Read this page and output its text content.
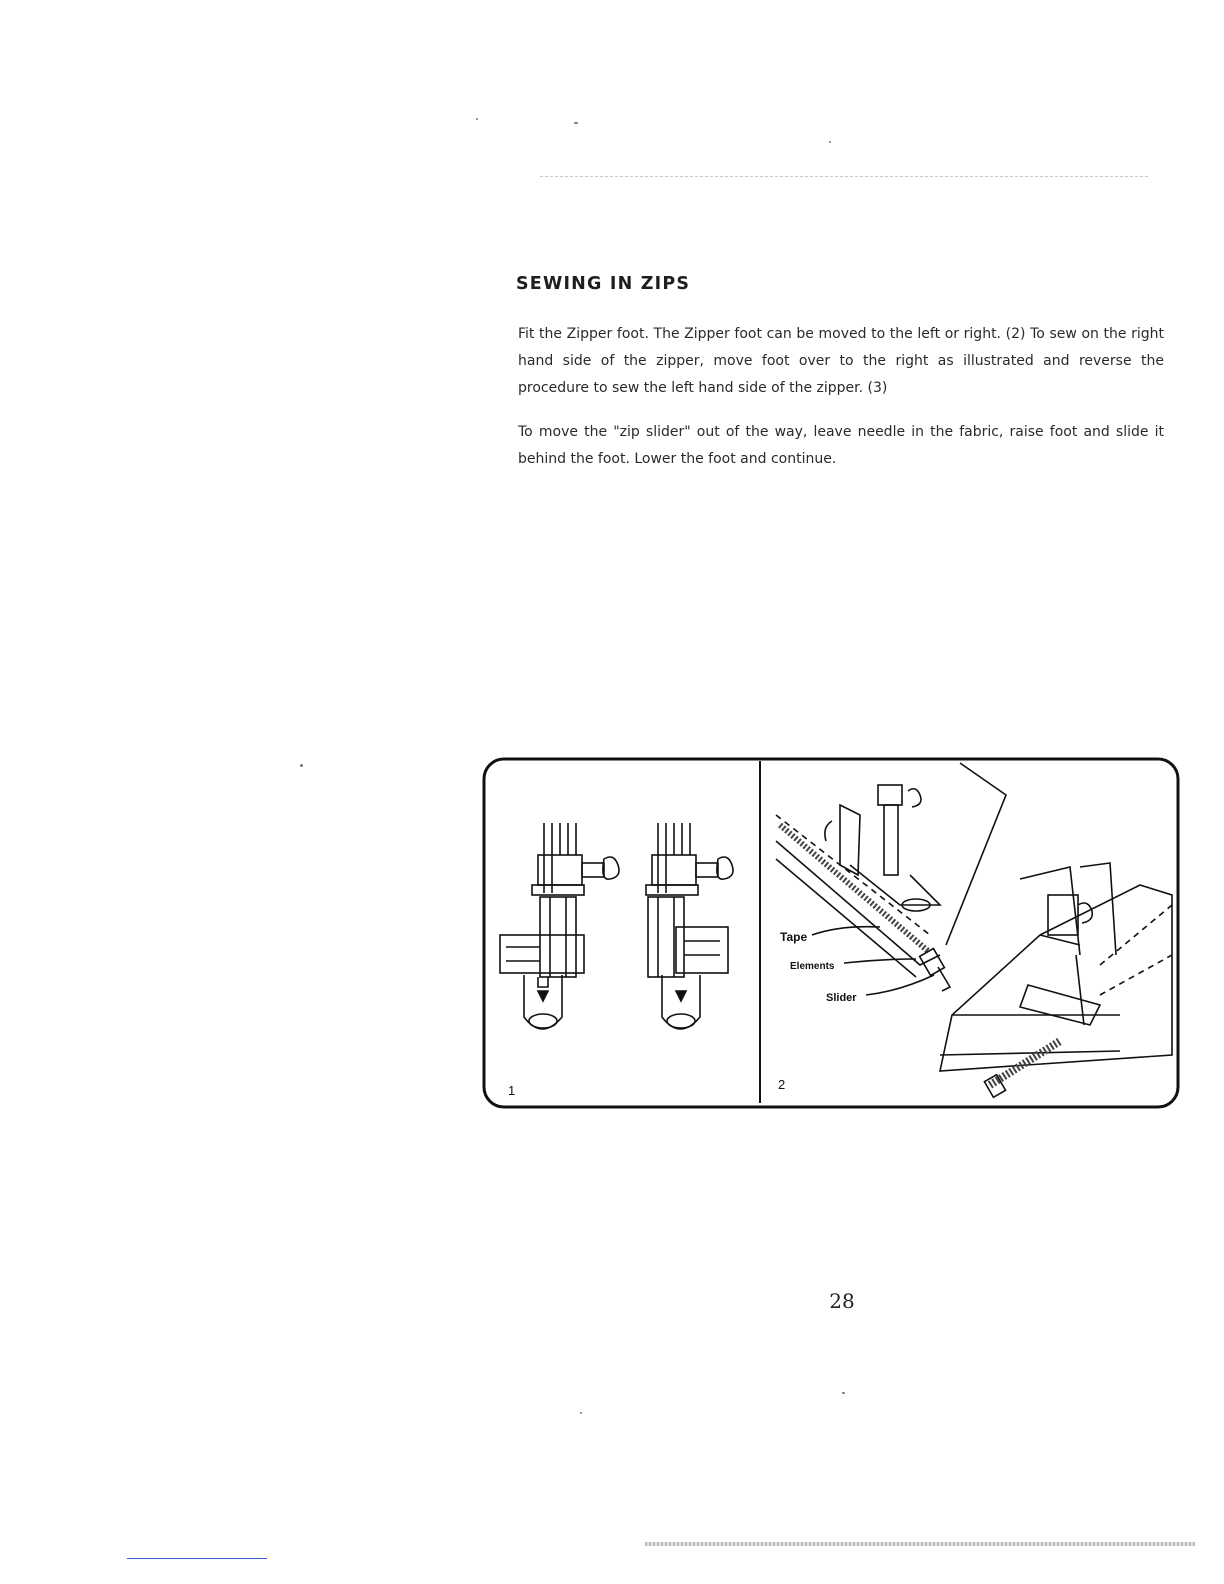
SEWING IN ZIPS

Fit the Zipper foot. The Zipper foot can be moved to the left or right. (2) To sew on the right hand side of the zipper, move foot over to the right as illustrated and reverse the procedure to sew the left hand side of the zipper. (3)

To move the "zip slider" out of the way, leave needle in the fabric, raise foot and slide it behind the foot. Lower the foot and continue.

1	2
Tape
Elements
Slider
28
